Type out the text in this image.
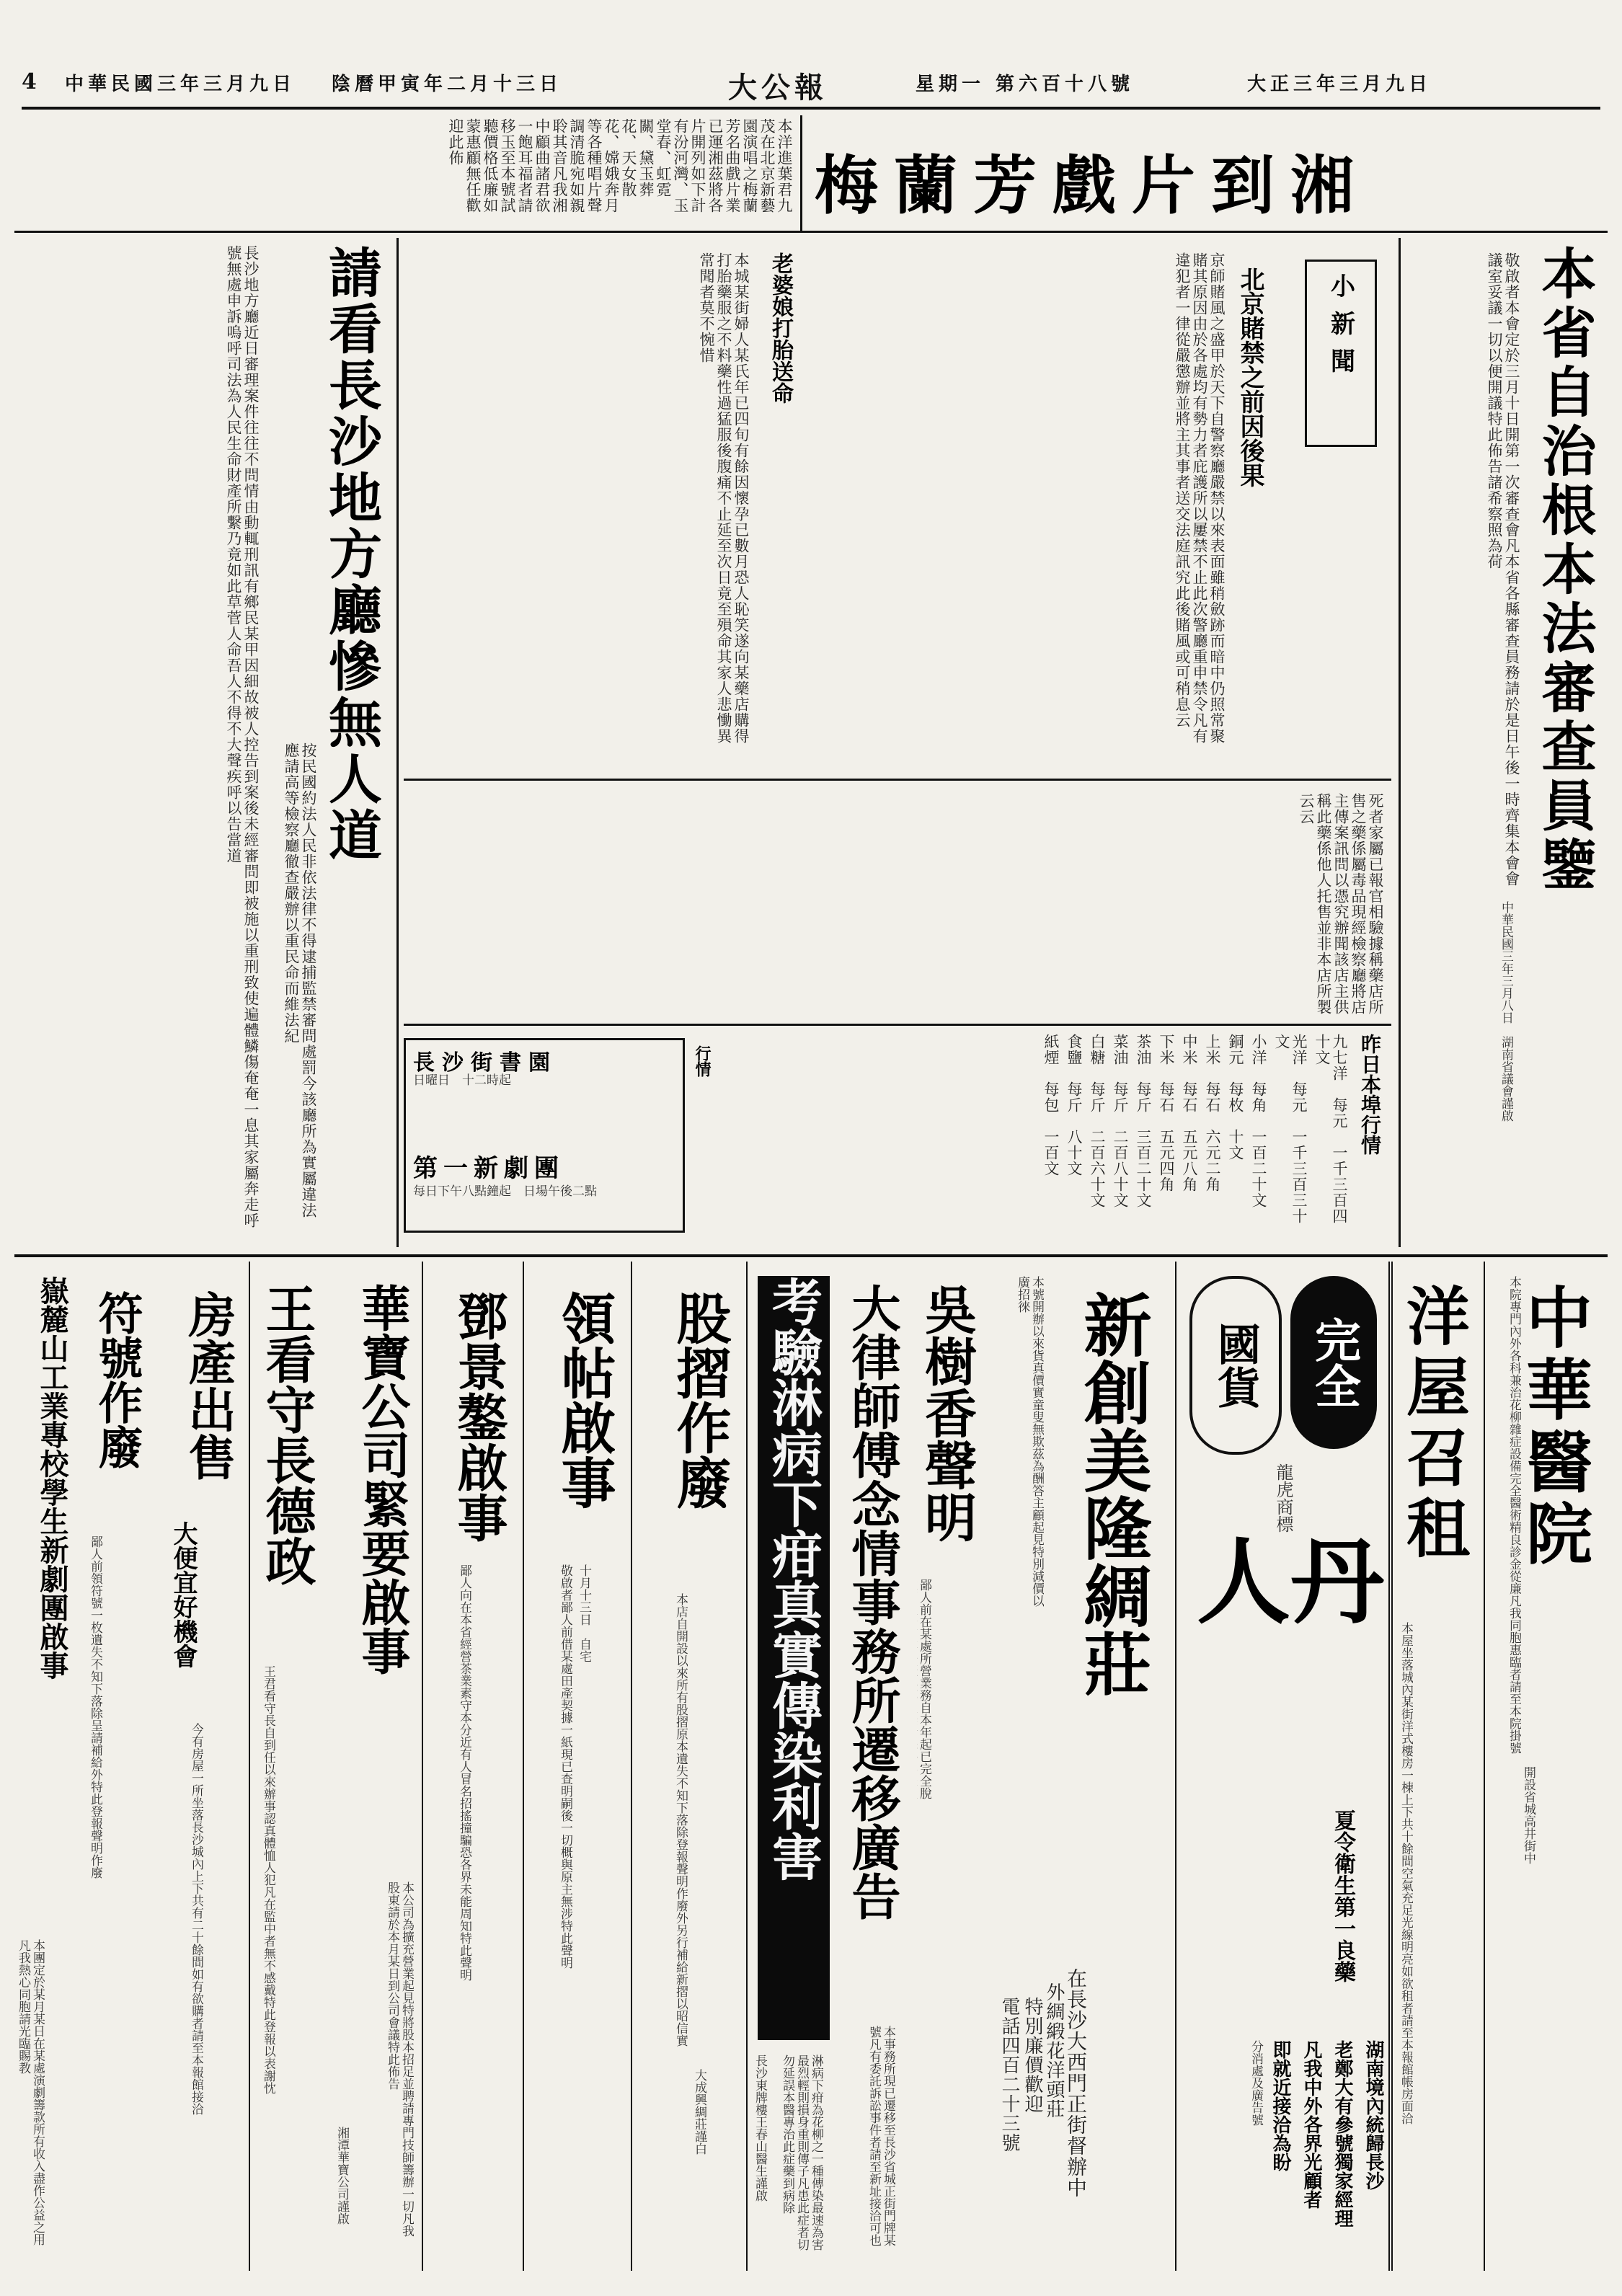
4 中華民國三年三月九日 陰曆甲寅年二月十三日	大公報	星期一 第六百十八號	大正三年三月九日
本洋進葉君九茂在北京新藝園演唱之梅蘭芳名曲戲片業已運湘茲將各片開列如下計有汾河灣、玉堂春、虹霓關、黛玉葬花、天女散花、嫦娥奔月等各種唱片聲調清脆宛如親聆其音凡我湘中顧曲諸君欲一飽耳福者請移玉至本號試聽價格低廉如蒙惠顧無任歡迎此佈
梅蘭芳戲片到湘
本省自治根本法審查員鑒
敬啟者本會定於三月十日開第一次審查會凡本省各縣審查員務請於是日午後一時齊集本會會議室妥議一切以便開議特此佈告諸希察照為荷
中華民國三年三月八日　湖南省議會謹啟
小新聞
北京賭禁之前因後果
京師賭風之盛甲於天下自警察廳嚴禁以來表面雖稍斂跡而暗中仍照常聚賭其原因由於各處均有勢力者庇護所以屢禁不止此次警廳重申禁令凡有違犯者一律從嚴懲辦並將主其事者送交法庭訊究此後賭風或可稍息云
老婆娘打胎送命
本城某街婦人某氏年已四旬有餘因懷孕已數月恐人恥笑遂向某藥店購得打胎藥服之不料藥性過猛服後腹痛不止延至次日竟至殞命其家人悲慟異常聞者莫不惋惜
死者家屬已報官相驗據稱藥店所售之藥係屬毒品現經檢察廳將店主傳案訊問以憑究辦聞該店主供稱此藥係他人托售並非本店所製云云
昨日本埠行情
行情	九七洋　每元　一千三百四十文
光洋　每元　一千三百三十文
小洋　每角　一百二十文
銅元　每枚　十文
上米　每石　六元二角
中米　每石　五元八角
下米　每石　五元四角
茶油　每斤　三百二十文
菜油　每斤　二百八十文
白糖　每斤　二百六十文
食鹽　每斤　八十文
紙煙　每包　一百文
長沙街書園
日曜日　十二時起
第一新劇團
每日下午八點鐘起　日場午後二點
請看長沙地方廳慘無人道
長沙地方廳近日審理案件往往不問情由動輒刑訊有鄉民某甲因細故被人控告到案後未經審問即被施以重刑致使遍體鱗傷奄奄一息其家屬奔走呼號無處申訴嗚呼司法為人民生命財產所繫乃竟如此草菅人命吾人不得不大聲疾呼以告當道
按民國約法人民非依法律不得逮捕監禁審問處罰今該廳所為實屬違法應請高等檢察廳徹查嚴辦以重民命而維法紀
中華醫院
本院專門內外各科兼治花柳雜症設備完全醫術精良診金從廉凡我同胞惠臨者請至本院掛號
開設省城高井街中
洋屋召租
本屋坐落城內某街洋式樓房一棟上下共十餘間空氣充足光線明亮如欲租者請至本報館帳房面洽
完全
國貨
龍虎商標
人丹
夏令衛生第一良藥
湖南境內統歸長沙
老鄭大有參號獨家經理
凡我中外各界光顧者
即就近接洽為盼
分消處及廣告號
新創美隆綢莊
在長沙大西門正街督辦中
外綢緞花洋頭莊
特別廉價歡迎
電話四百二十三號
本號開辦以來貨真價實童叟無欺茲為酬答主顧起見特別減價以廣招徠
吳樹香聲明
鄙人前在某處所營業務自本年起已完全脫
大律師傅念情事務所遷移廣告
本事務所現已遷移至長沙省城正街門牌某號凡有委託訴訟事件者請至新址接洽可也
考驗淋病下疳真實傳染利害
淋病下疳為花柳之一種傳染最速為害最烈輕則損身重則傳子凡患此症者切勿延誤本醫專治此症藥到病除
長沙東牌樓王春山醫生謹啟
股摺作廢
本店自開設以來所有股摺原本遺失不知下落除登報聲明作廢外另行補給新摺以昭信實
大成興綢莊謹白
領帖啟事
敬啟者鄙人前借某處田產契據一紙現已查明嗣後一切概與原主無涉特此聲明 十月十三日　自宅
鄧景鏊啟事
鄙人向在本省經營茶業素守本分近有人冒名招搖撞騙恐各界未能周知特此聲明
華寶公司緊要啟事
本公司為擴充營業起見特將股本招足並聘請專門技師籌辦一切凡我股東請於本月某日到公司會議特此佈告
湘潭華寶公司謹啟
王看守長德政
王君看守長自到任以來辦事認真體恤人犯凡在監中者無不感戴特此登報以表謝忱
房產出售
大便宜好機會
今有房屋一所坐落長沙城內上下共有二十餘間如有欲購者請至本報館接洽
符號作廢
鄙人前領符號一枚遺失不知下落除呈請補給外特此登報聲明作廢
嶽麓山工業專校學生新劇團啟事
本團定於某月某日在某處演劇籌款所有收入盡作公益之用凡我熱心同胞請光臨賜教
